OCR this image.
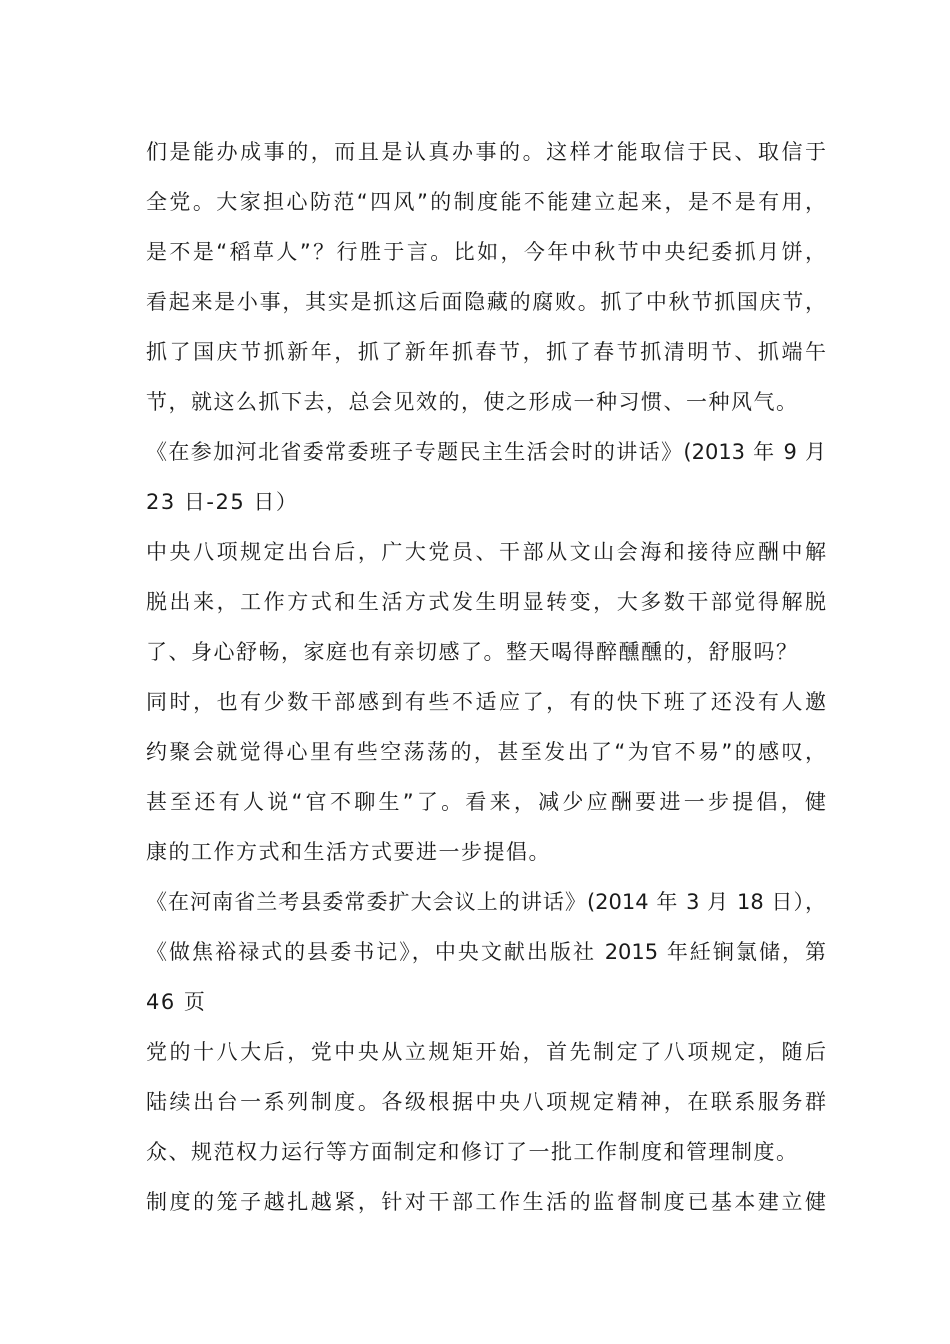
们是能办成事的，而且是认真办事的。这样才能取信于民、取信于
全党。大家担心防范“四风”的制度能不能建立起来，是不是有用，
是不是“稻草人”？行胜于言。比如，今年中秋节中央纪委抓月饼，
看起来是小事，其实是抓这后面隐藏的腐败。抓了中秋节抓国庆节，
抓了国庆节抓新年，抓了新年抓春节，抓了春节抓清明节、抓端午
节，就这么抓下去，总会见效的，使之形成一种习惯、一种风气。
《在参加河北省委常委班子专题民主生活会时的讲话》(2013 年 9 月
23 日-25 日）
中央八项规定出台后，广大党员、干部从文山会海和接待应酬中解
脱出来，工作方式和生活方式发生明显转变，大多数干部觉得解脱
了、身心舒畅，家庭也有亲切感了。整天喝得醉醺醺的，舒服吗？
同时，也有少数干部感到有些不适应了，有的快下班了还没有人邀
约聚会就觉得心里有些空荡荡的，甚至发出了“为官不易”的感叹，
甚至还有人说“官不聊生”了。看来，减少应酬要进一步提倡，健
康的工作方式和生活方式要进一步提倡。
《在河南省兰考县委常委扩大会议上的讲话》(2014 年 3 月 18 日），
《做焦裕禄式的县委书记》，中央文献出版社 2015 年紝锏氯储，第
46 页
党的十八大后，党中央从立规矩开始，首先制定了八项规定，随后
陆续出台一系列制度。各级根据中央八项规定精神，在联系服务群
众、规范权力运行等方面制定和修订了一批工作制度和管理制度。
制度的笼子越扎越紧，针对干部工作生活的监督制度已基本建立健
